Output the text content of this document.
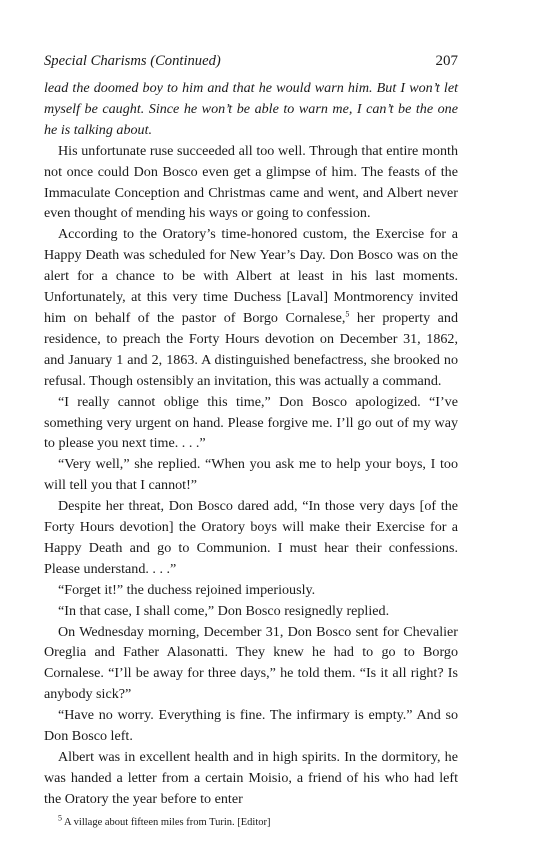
Special Charisms (Continued)	207

lead the doomed boy to him and that he would warn him. But I won’t let myself be caught. Since he won’t be able to warn me, I can’t be the one he is talking about.

His unfortunate ruse succeeded all too well. Through that entire month not once could Don Bosco even get a glimpse of him. The feasts of the Immaculate Conception and Christmas came and went, and Albert never even thought of mending his ways or going to confession.

According to the Oratory’s time-honored custom, the Exercise for a Happy Death was scheduled for New Year’s Day. Don Bosco was on the alert for a chance to be with Albert at least in his last moments. Unfortunately, at this very time Duchess [Laval] Montmorency invited him on behalf of the pastor of Borgo Cornalese,$^5$ her property and residence, to preach the Forty Hours devotion on December 31, 1862, and January 1 and 2, 1863. A distinguished benefactress, she brooked no refusal. Though ostensibly an invitation, this was actually a command.

“I really cannot oblige this time,” Don Bosco apologized. “I’ve something very urgent on hand. Please forgive me. I’ll go out of my way to please you next time. . . .”

“Very well,” she replied. “When you ask me to help your boys, I too will tell you that I cannot!”

Despite her threat, Don Bosco dared add, “In those very days [of the Forty Hours devotion] the Oratory boys will make their Exercise for a Happy Death and go to Communion. I must hear their confessions. Please understand. . . .”

“Forget it!” the duchess rejoined imperiously.

“In that case, I shall come,” Don Bosco resignedly replied.

On Wednesday morning, December 31, Don Bosco sent for Chevalier Oreglia and Father Alasonatti. They knew he had to go to Borgo Cornalese. “I’ll be away for three days,” he told them. “Is it all right? Is anybody sick?”

“Have no worry. Everything is fine. The infirmary is empty.” And so Don Bosco left.

Albert was in excellent health and in high spirits. In the dormitory, he was handed a letter from a certain Moisio, a friend of his who had left the Oratory the year before to enter

$^5$ A village about fifteen miles from Turin. [Editor]
